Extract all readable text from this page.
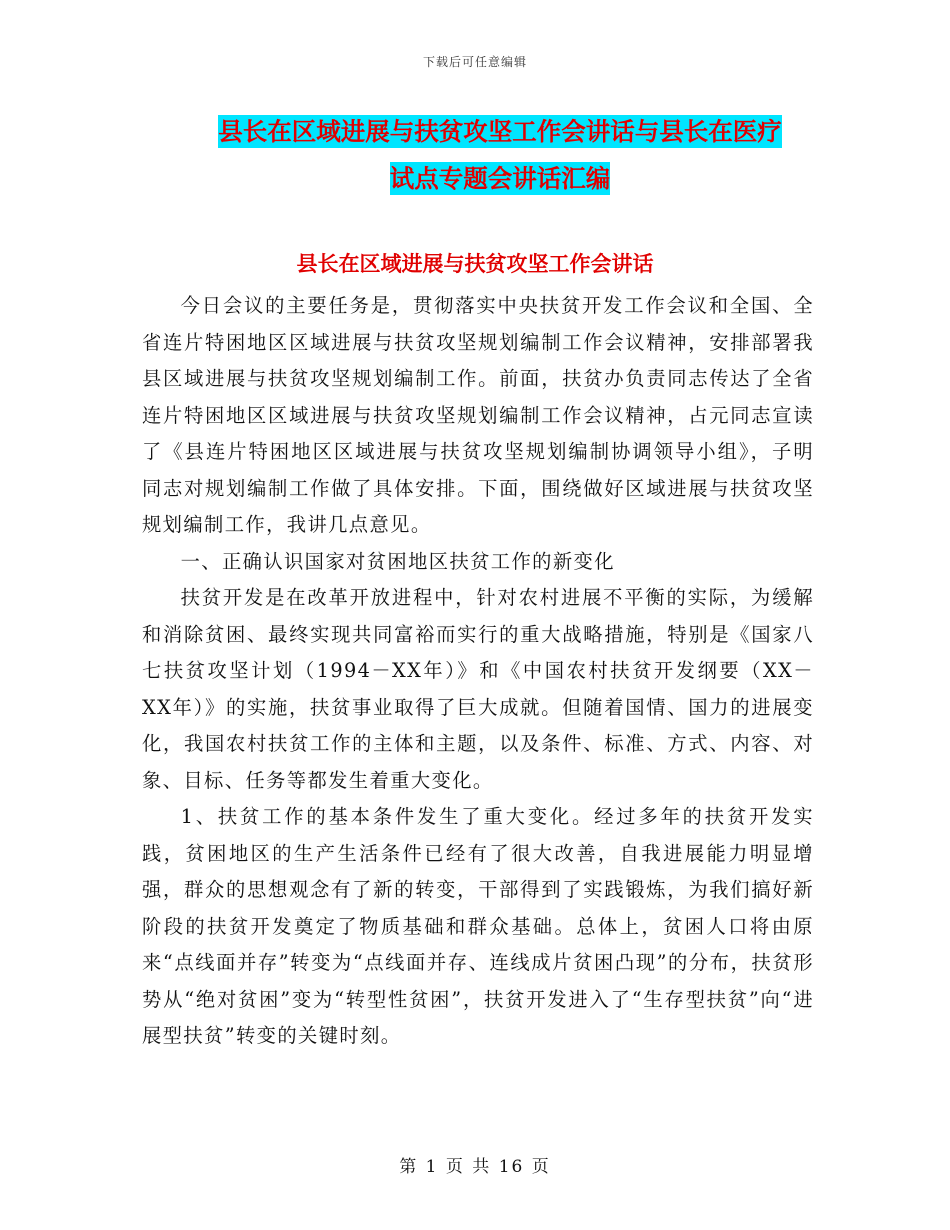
下载后可任意编辑
县长在区域进展与扶贫攻坚工作会讲话与县长在医疗
试点专题会讲话汇编
县长在区域进展与扶贫攻坚工作会讲话

今日会议的主要任务是，贯彻落实中央扶贫开发工作会议和全国、全省连片特困地区区域进展与扶贫攻坚规划编制工作会议精神，安排部署我县区域进展与扶贫攻坚规划编制工作。前面，扶贫办负责同志传达了全省连片特困地区区域进展与扶贫攻坚规划编制工作会议精神，占元同志宣读了《县连片特困地区区域进展与扶贫攻坚规划编制协调领导小组》，子明同志对规划编制工作做了具体安排。下面，围绕做好区域进展与扶贫攻坚规划编制工作，我讲几点意见。

一、正确认识国家对贫困地区扶贫工作的新变化

扶贫开发是在改革开放进程中，针对农村进展不平衡的实际，为缓解和消除贫困、最终实现共同富裕而实行的重大战略措施，特别是《国家八七扶贫攻坚计划（1994－XX年）》和《中国农村扶贫开发纲要（XX－XX年）》的实施，扶贫事业取得了巨大成就。但随着国情、国力的进展变化，我国农村扶贫工作的主体和主题，以及条件、标准、方式、内容、对象、目标、任务等都发生着重大变化。

1、扶贫工作的基本条件发生了重大变化。经过多年的扶贫开发实践，贫困地区的生产生活条件已经有了很大改善，自我进展能力明显增强，群众的思想观念有了新的转变，干部得到了实践锻炼，为我们搞好新阶段的扶贫开发奠定了物质基础和群众基础。总体上，贫困人口将由原来“点线面并存”转变为“点线面并存、连线成片贫困凸现”的分布，扶贫形势从“绝对贫困”变为“转型性贫困”，扶贫开发进入了“生存型扶贫”向“进展型扶贫”转变的关键时刻。

第 1 页 共 16 页
